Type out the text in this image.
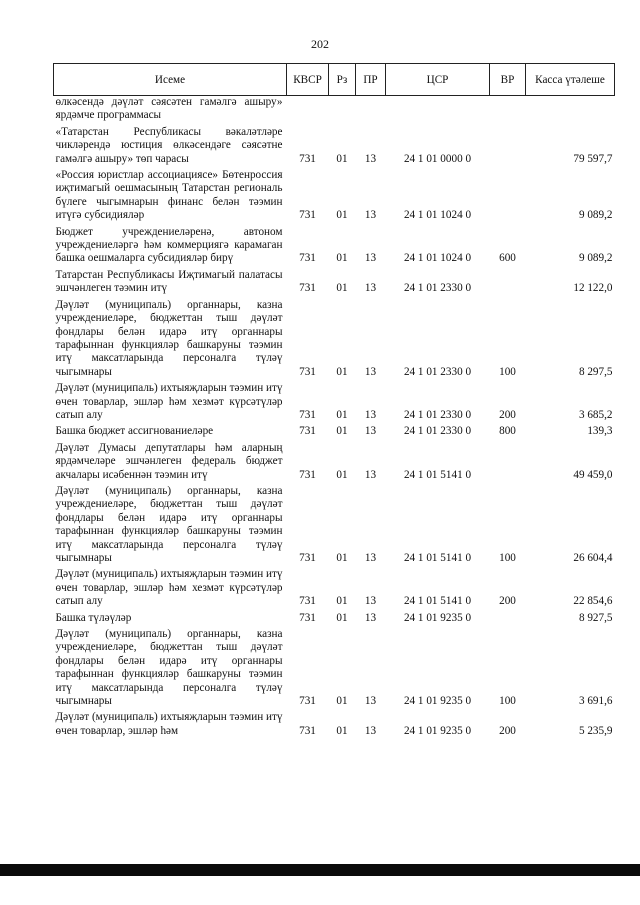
202
Исеме	КВСР	Рз	ПР	ЦСР	ВР	Касса үтәлеше
өлкәсендә дәүләт сәясәтен гамәлгә ашыру» ярдәмче программасы						
«Татарстан Республикасы вәкаләтләре чикләрендә юстиция өлкәсендәге сәясәтне гамәлгә ашыру» төп чарасы	731	01	13	24 1 01 0000 0		79 597,7
«Россия юристлар ассоциациясе» Бөтенроссия иҗтимагый оешмасының Татарстан региональ бүлеге чыгымнарын финанс белән тәэмин итүгә субсидияләр	731	01	13	24 1 01 1024 0		9 089,2
Бюджет учреждениеләренә, автоном учреждениеләргә һәм коммерциягә карамаган башка оешмаларга субсидияләр бирү	731	01	13	24 1 01 1024 0	600	9 089,2
Татарстан Республикасы Иҗтимагый палатасы эшчәнлеген тәэмин итү	731	01	13	24 1 01 2330 0		12 122,0
Дәүләт (муниципаль) органнары, казна учреждениеләре, бюджеттан тыш дәүләт фондлары белән идарә итү органнары тарафыннан функцияләр башкаруны тәэмин итү максатларында персоналга түләү чыгымнары	731	01	13	24 1 01 2330 0	100	8 297,5
Дәүләт (муниципаль) ихтыяҗларын тәэмин итү өчен товарлар, эшләр һәм хезмәт күрсәтүләр сатып алу	731	01	13	24 1 01 2330 0	200	3 685,2
Башка бюджет ассигнованиеләре	731	01	13	24 1 01 2330 0	800	139,3
Дәүләт Думасы депутатлары һәм аларның ярдәмчеләре эшчәнлеген федераль бюджет акчалары исәбеннән тәэмин итү	731	01	13	24 1 01 5141 0		49 459,0
Дәүләт (муниципаль) органнары, казна учреждениеләре, бюджеттан тыш дәүләт фондлары белән идарә итү органнары тарафыннан функцияләр башкаруны тәэмин итү максатларында персоналга түләү чыгымнары	731	01	13	24 1 01 5141 0	100	26 604,4
Дәүләт (муниципаль) ихтыяҗларын тәэмин итү өчен товарлар, эшләр һәм хезмәт күрсәтүләр сатып алу	731	01	13	24 1 01 5141 0	200	22 854,6
Башка түләүләр	731	01	13	24 1 01 9235 0		8 927,5
Дәүләт (муниципаль) органнары, казна учреждениеләре, бюджеттан тыш дәүләт фондлары белән идарә итү органнары тарафыннан функцияләр башкаруны тәэмин итү максатларында персоналга түләү чыгымнары	731	01	13	24 1 01 9235 0	100	3 691,6
Дәүләт (муниципаль) ихтыяҗларын тәэмин итү өчен товарлар, эшләр һәм	731	01	13	24 1 01 9235 0	200	5 235,9
